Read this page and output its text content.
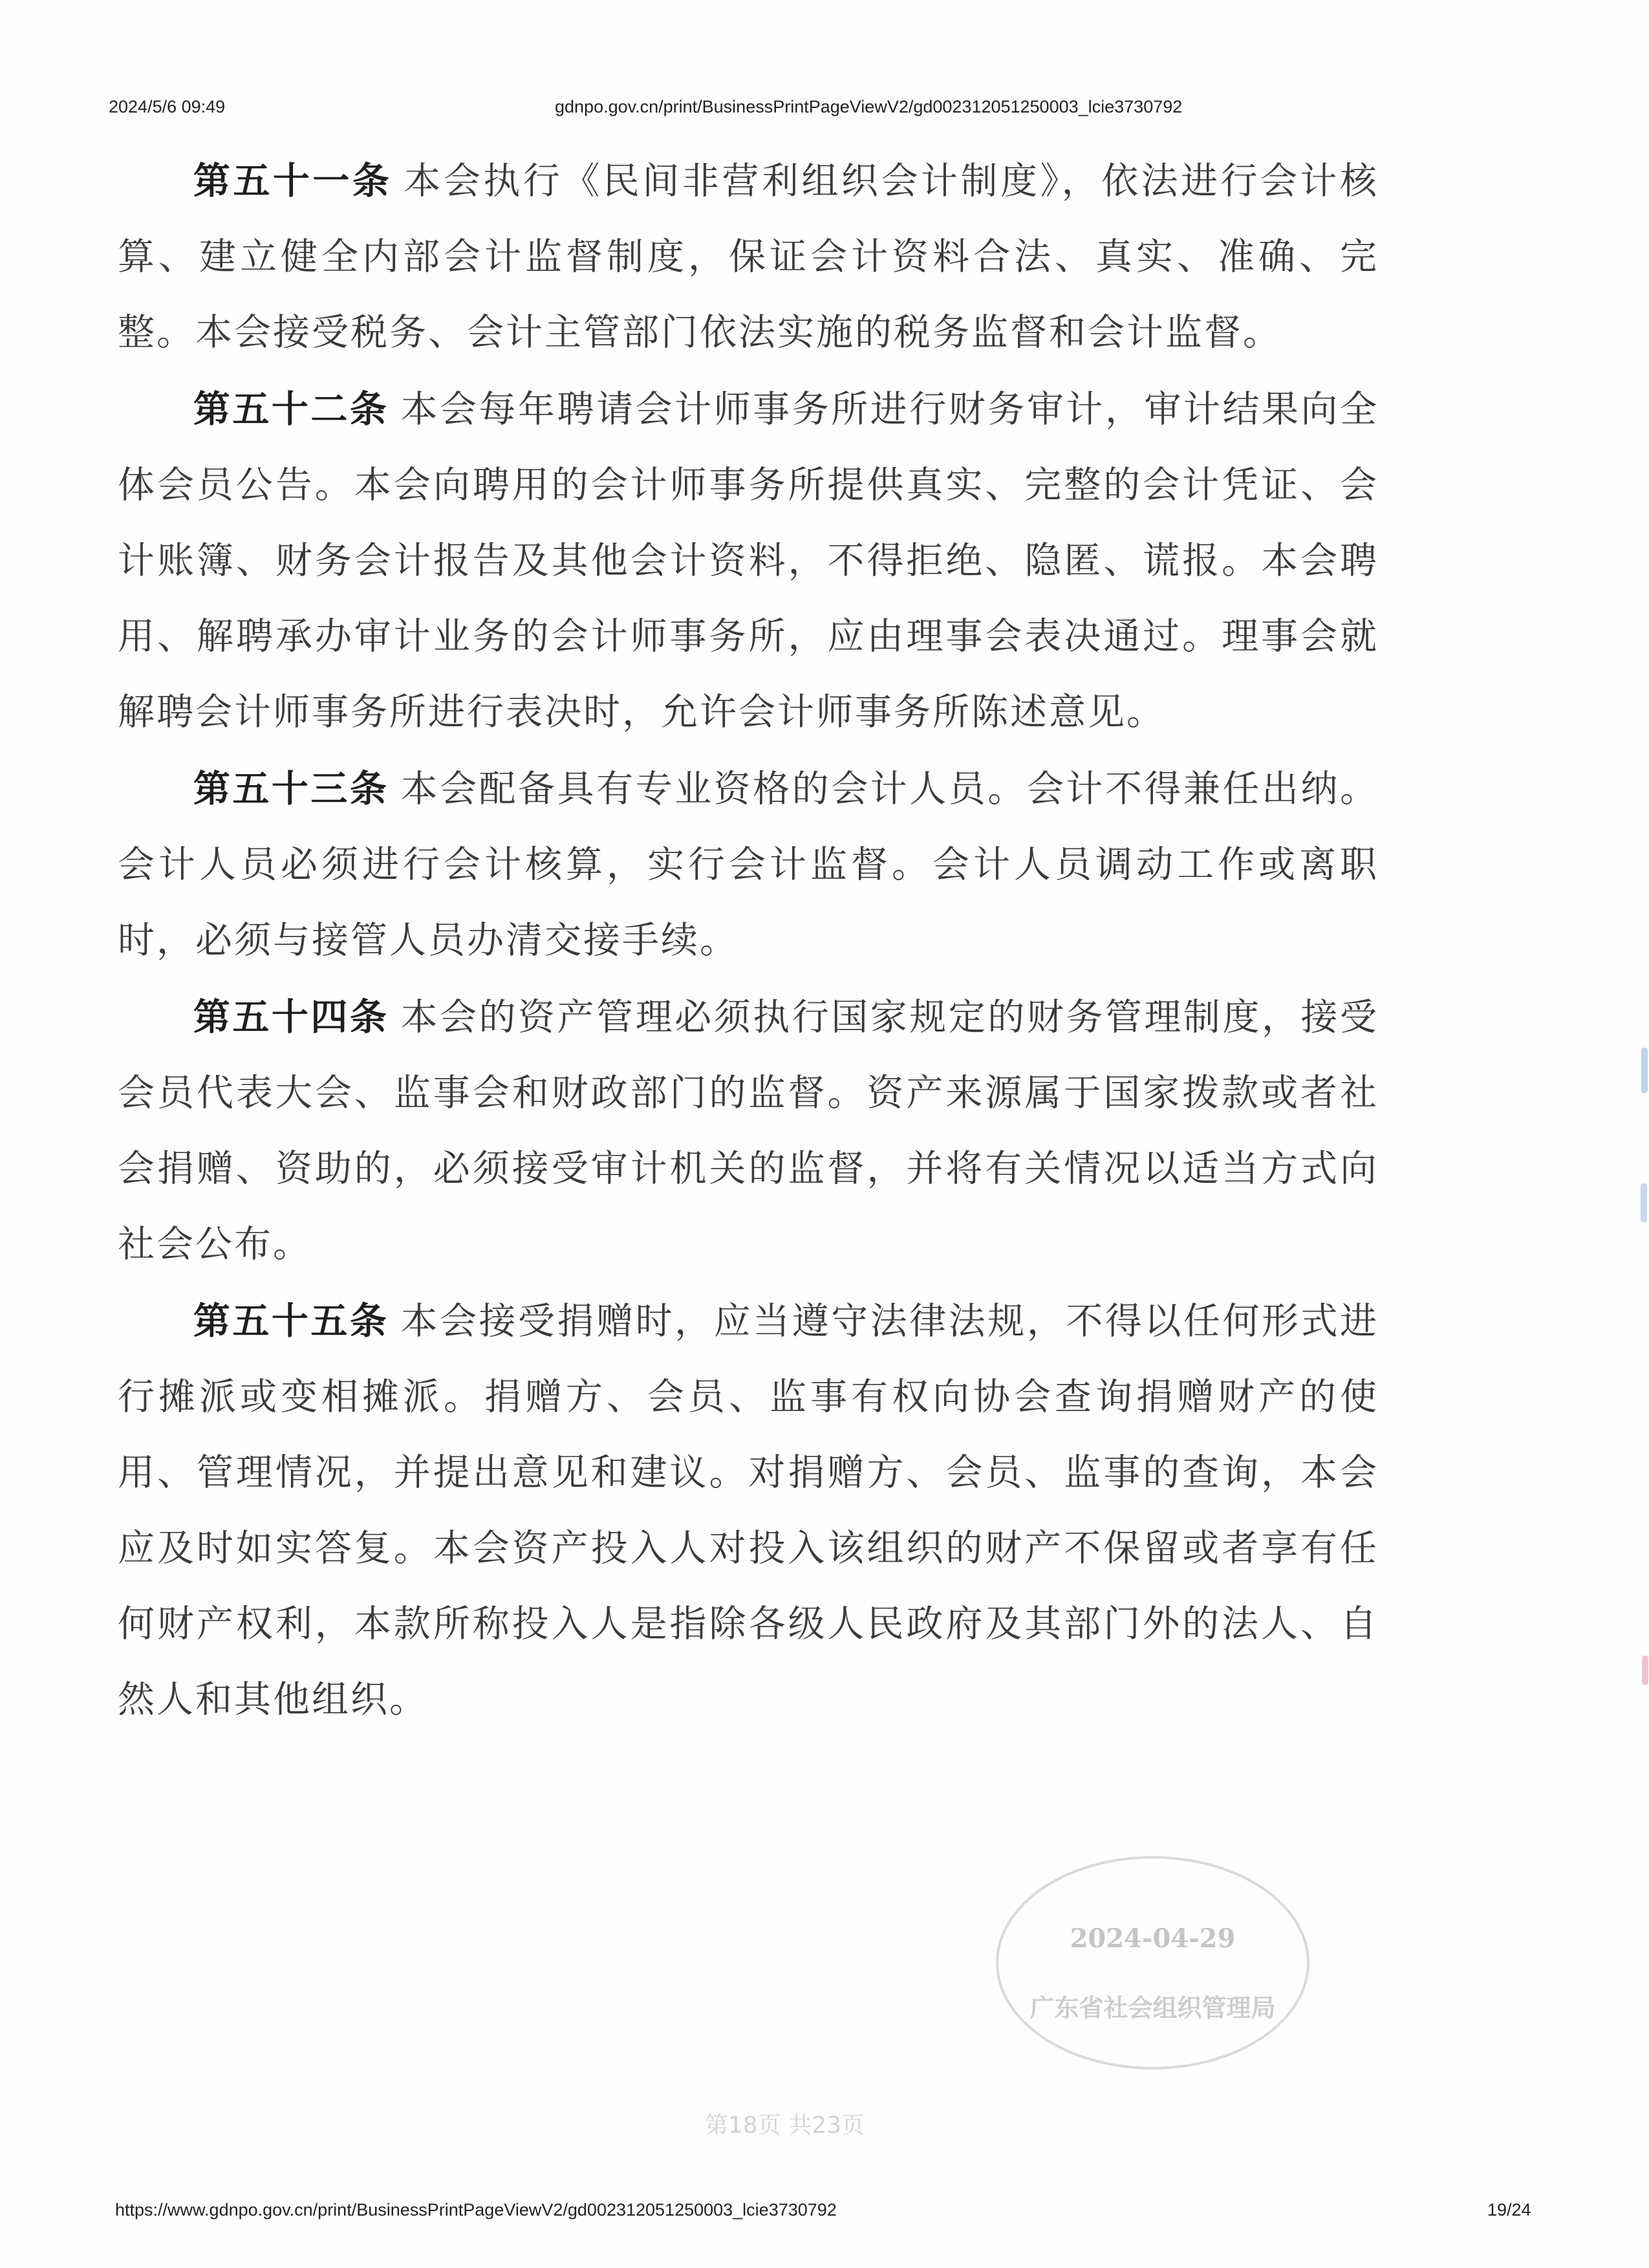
2024/5/6 09:49	gdnpo.gov.cn/print/BusinessPrintPageViewV2/gd002312051250003_lcie3730792

第五十一条 本会执行《民间非营利组织会计制度》，依法进行会计核算、建立健全内部会计监督制度，保证会计资料合法、真实、准确、完整。本会接受税务、会计主管部门依法实施的税务监督和会计监督。

第五十二条 本会每年聘请会计师事务所进行财务审计，审计结果向全体会员公告。本会向聘用的会计师事务所提供真实、完整的会计凭证、会计账簿、财务会计报告及其他会计资料，不得拒绝、隐匿、谎报。本会聘用、解聘承办审计业务的会计师事务所，应由理事会表决通过。理事会就解聘会计师事务所进行表决时，允许会计师事务所陈述意见。

第五十三条 本会配备具有专业资格的会计人员。会计不得兼任出纳。会计人员必须进行会计核算，实行会计监督。会计人员调动工作或离职时，必须与接管人员办清交接手续。

第五十四条 本会的资产管理必须执行国家规定的财务管理制度，接受会员代表大会、监事会和财政部门的监督。资产来源属于国家拨款或者社会捐赠、资助的，必须接受审计机关的监督，并将有关情况以适当方式向社会公布。

第五十五条 本会接受捐赠时，应当遵守法律法规，不得以任何形式进行摊派或变相摊派。捐赠方、会员、监事有权向协会查询捐赠财产的使用、管理情况，并提出意见和建议。对捐赠方、会员、监事的查询，本会应及时如实答复。本会资产投入人对投入该组织的财产不保留或者享有任何财产权利，本款所称投入人是指除各级人民政府及其部门外的法人、自然人和其他组织。

2024-04-29
广东省社会组织管理局
第18页 共23页
https://www.gdnpo.gov.cn/print/BusinessPrintPageViewV2/gd002312051250003_lcie3730792	19/24
